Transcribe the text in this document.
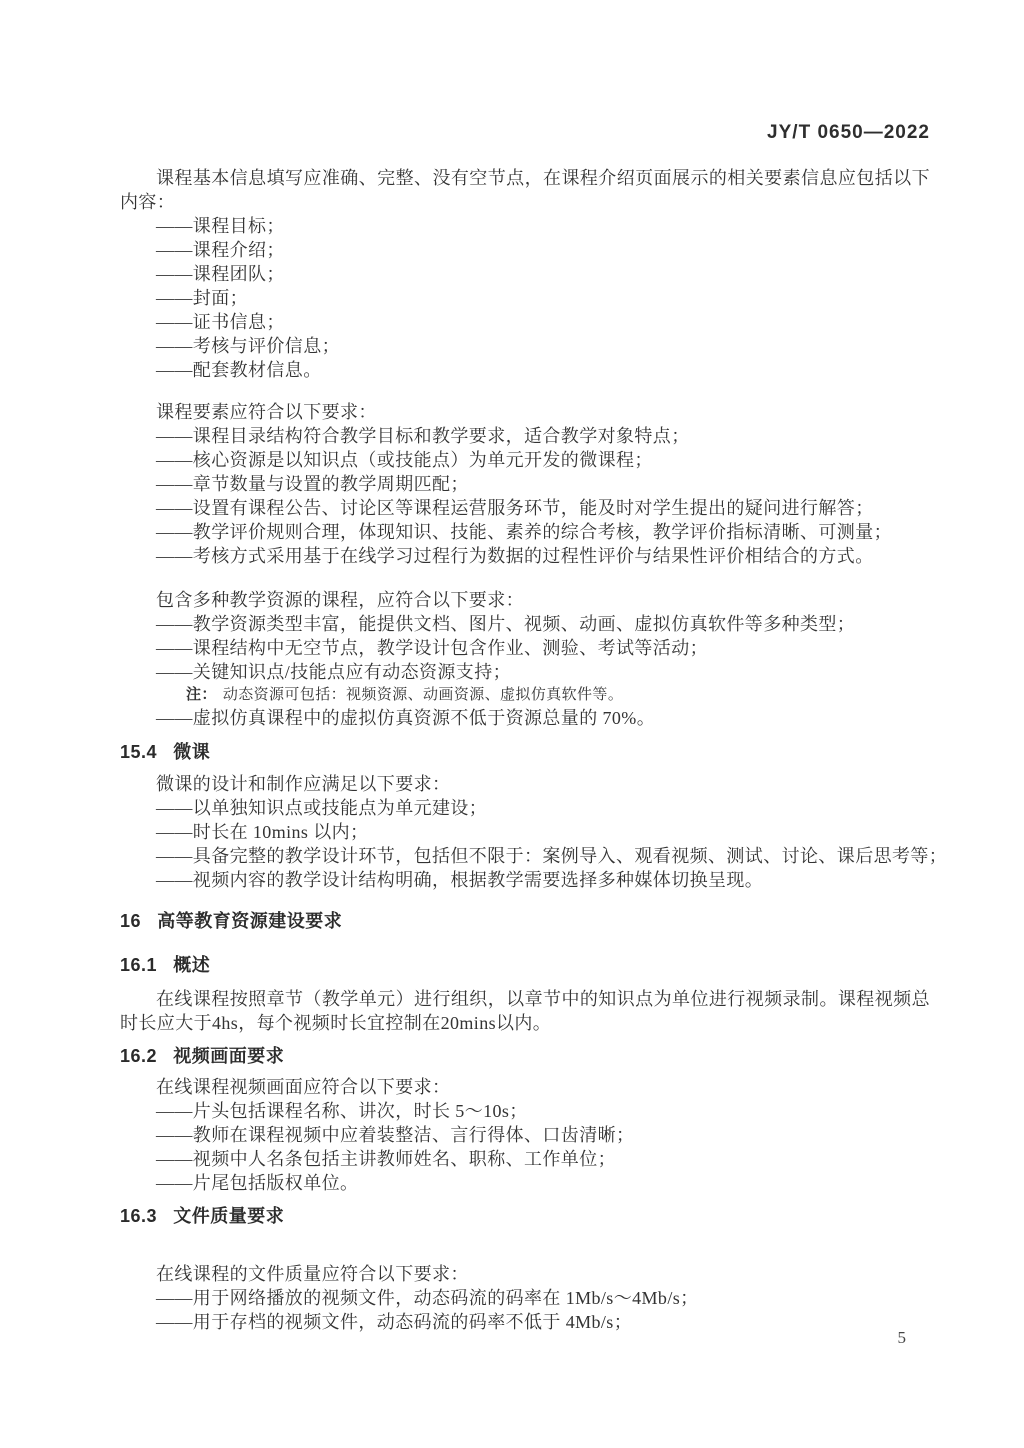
JY/T 0650—2022

课程基本信息填写应准确、完整、没有空节点，在课程介绍页面展示的相关要素信息应包括以下内容：

——课程目标；
——课程介绍；
——课程团队；
——封面；
——证书信息；
——考核与评价信息；
——配套教材信息。

课程要素应符合以下要求：

——课程目录结构符合教学目标和教学要求，适合教学对象特点；
——核心资源是以知识点（或技能点）为单元开发的微课程；
——章节数量与设置的教学周期匹配；
——设置有课程公告、讨论区等课程运营服务环节，能及时对学生提出的疑问进行解答；
——教学评价规则合理，体现知识、技能、素养的综合考核，教学评价指标清晰、可测量；
——考核方式采用基于在线学习过程行为数据的过程性评价与结果性评价相结合的方式。

包含多种教学资源的课程，应符合以下要求：

——教学资源类型丰富，能提供文档、图片、视频、动画、虚拟仿真软件等多种类型；
——课程结构中无空节点，教学设计包含作业、测验、考试等活动；
——关键知识点/技能点应有动态资源支持；
注： 动态资源可包括：视频资源、动画资源、虚拟仿真软件等。
——虚拟仿真课程中的虚拟仿真资源不低于资源总量的 70%。
15.4 微课

微课的设计和制作应满足以下要求：

——以单独知识点或技能点为单元建设；
——时长在 10mins 以内；
——具备完整的教学设计环节，包括但不限于：案例导入、观看视频、测试、讨论、课后思考等；
——视频内容的教学设计结构明确，根据教学需要选择多种媒体切换呈现。
16 高等教育资源建设要求
16.1 概述

在线课程按照章节（教学单元）进行组织，以章节中的知识点为单位进行视频录制。课程视频总时长应大于4hs，每个视频时长宜控制在20mins以内。

16.2 视频画面要求

在线课程视频画面应符合以下要求：

——片头包括课程名称、讲次，时长 5～10s；
——教师在课程视频中应着装整洁、言行得体、口齿清晰；
——视频中人名条包括主讲教师姓名、职称、工作单位；
——片尾包括版权单位。
16.3 文件质量要求

在线课程的文件质量应符合以下要求：

——用于网络播放的视频文件，动态码流的码率在 1Mb/s～4Mb/s；
——用于存档的视频文件，动态码流的码率不低于 4Mb/s；
5
